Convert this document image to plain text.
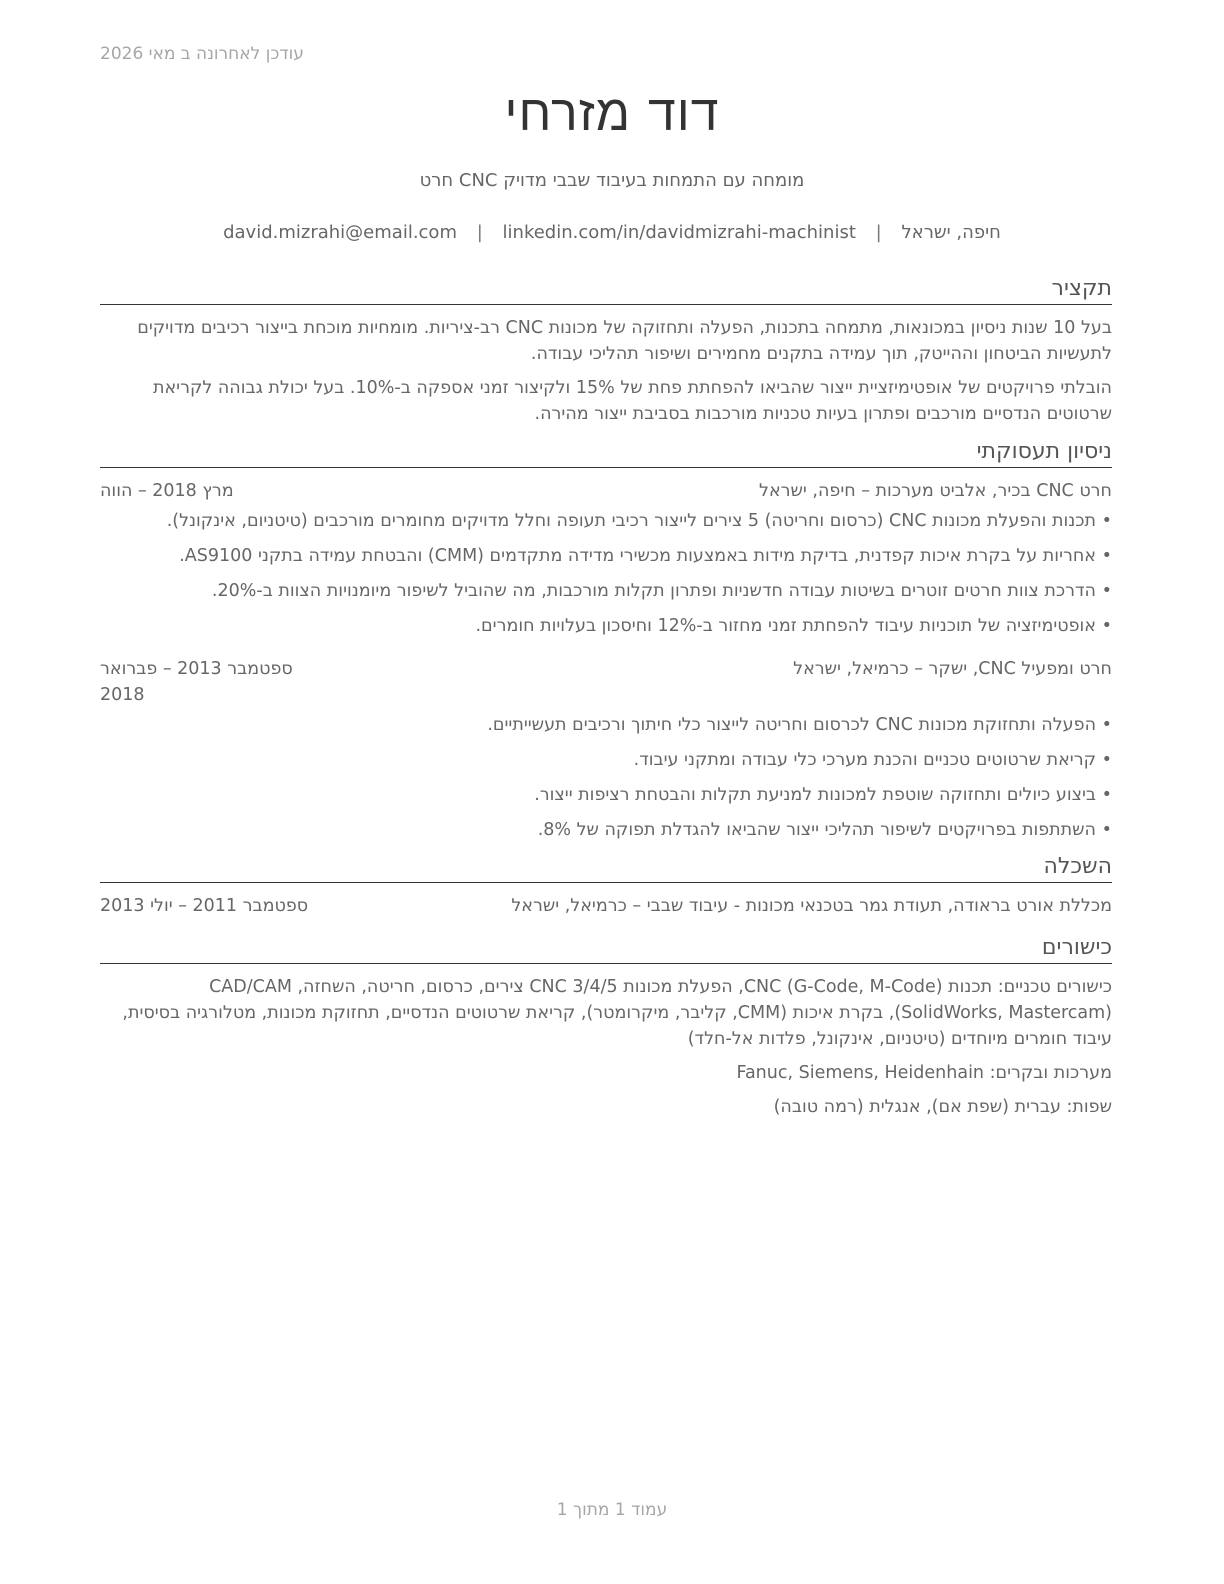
עודכן לאחרונה ב מאי 2026
דוד מזרחי
חרט CNC מומחה עם התמחות בעיבוד שבבי מדויק
חיפה, ישראל | david.mizrahi@email.com | linkedin.com/in/davidmizrahi-machinist
תקציר

בעל 10 שנות ניסיון במכונאות, מתמחה בתכנות, הפעלה ותחזוקה של מכונות CNC רב-ציריות. מומחיות מוכחת בייצור רכיבים מדויקים לתעשיות הביטחון וההייטק, תוך עמידה בתקנים מחמירים ושיפור תהליכי עבודה.

הובלתי פרויקטים של אופטימיזציית ייצור שהביאו להפחתת פחת של 15% ולקיצור זמני אספקה ב-10%. בעל יכולת גבוהה לקריאת שרטוטים הנדסיים מורכבים ופתרון בעיות טכניות מורכבות בסביבת ייצור מהירה.

ניסיון תעסוקתי
חרט CNC בכיר, אלביט מערכות – חיפה, ישראל
מרץ 2018 – הווה
• תכנות והפעלת מכונות CNC (כרסום וחריטה) 5 צירים לייצור רכיבי תעופה וחלל מדויקים מחומרים מורכבים (טיטניום, אינקונל).
• אחריות על בקרת איכות קפדנית, בדיקת מידות באמצעות מכשירי מדידה מתקדמים (CMM) והבטחת עמידה בתקני AS9100.
• הדרכת צוות חרטים זוטרים בשיטות עבודה חדשניות ופתרון תקלות מורכבות, מה שהוביל לשיפור מיומנויות הצוות ב-20%.
• אופטימיזציה של תוכניות עיבוד להפחתת זמני מחזור ב-12% וחיסכון בעלויות חומרים.
חרט ומפעיל CNC, ישקר – כרמיאל, ישראל
ספטמבר 2013 – פברואר 2018
• הפעלה ותחזוקת מכונות CNC לכרסום וחריטה לייצור כלי חיתוך ורכיבים תעשייתיים.
• קריאת שרטוטים טכניים והכנת מערכי כלי עבודה ומתקני עיבוד.
• ביצוע כיולים ותחזוקה שוטפת למכונות למניעת תקלות והבטחת רציפות ייצור.
• השתתפות בפרויקטים לשיפור תהליכי ייצור שהביאו להגדלת תפוקה של 8%.
השכלה
מכללת אורט בראודה, תעודת גמר בטכנאי מכונות - עיבוד שבבי – כרמיאל, ישראל
ספטמבר 2011 – יולי 2013
כישורים

כישורים טכניים: תכנות CNC (G-Code, M-Code), הפעלת מכונות CNC 3/4/5 צירים, כרסום, חריטה, השחזה, CAD/CAM (SolidWorks, Mastercam), בקרת איכות (CMM, קליבר, מיקרומטר), קריאת שרטוטים הנדסיים, תחזוקת מכונות, מטלורגיה בסיסית, עיבוד חומרים מיוחדים (טיטניום, אינקונל, פלדות אל-חלד)

מערכות ובקרים: Fanuc, Siemens, Heidenhain

שפות: עברית (שפת אם), אנגלית (רמה טובה)

עמוד 1 מתוך 1
